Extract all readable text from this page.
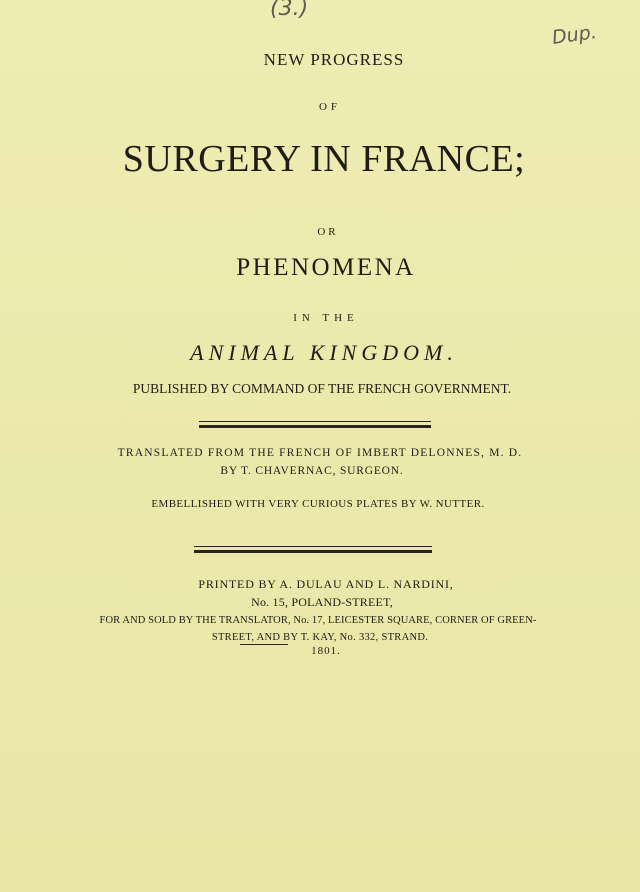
(3.)
Dup.
NEW PROGRESS
OF
SURGERY IN FRANCE;
OR
PHENOMENA
IN THE
ANIMAL KINGDOM.
PUBLISHED BY COMMAND OF THE FRENCH GOVERNMENT.
TRANSLATED FROM THE FRENCH OF IMBERT DELONNES, M. D.
BY T. CHAVERNAC, SURGEON.
EMBELLISHED WITH VERY CURIOUS PLATES BY W. NUTTER.
PRINTED BY A. DULAU AND L. NARDINI,
No. 15, POLAND-STREET,
FOR AND SOLD BY THE TRANSLATOR, No. 17, LEICESTER SQUARE, CORNER OF GREEN-
STREET, AND BY T. KAY, No. 332, STRAND.
1801.
